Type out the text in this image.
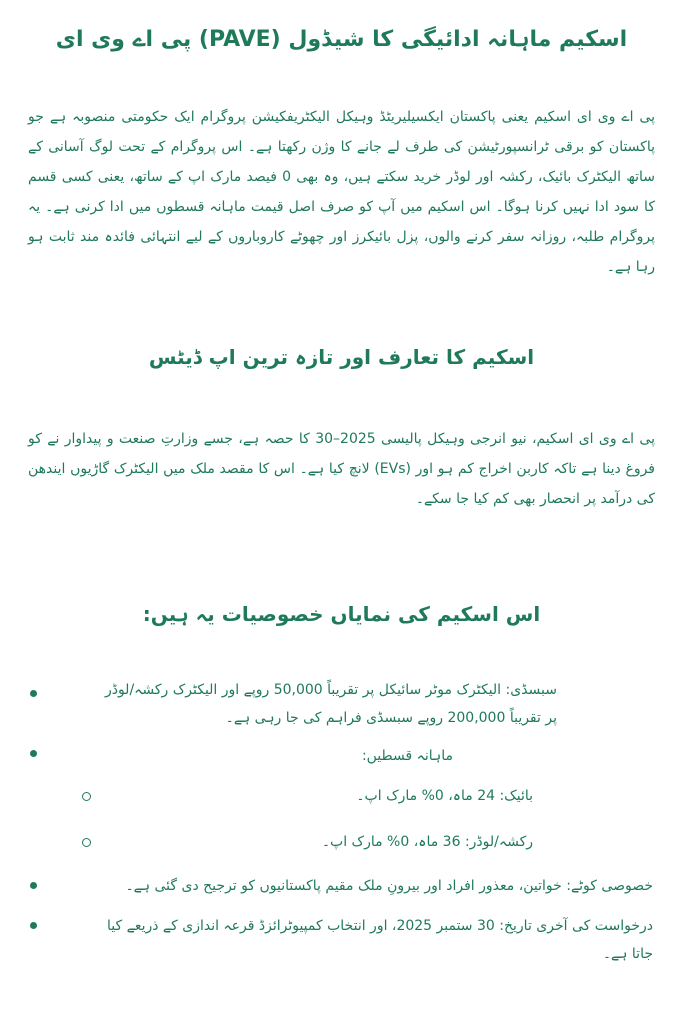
اسکیم ماہانہ ادائیگی کا شیڈول (PAVE) پی اے وی ای

پی اے وی ای اسکیم یعنی پاکستان ایکسیلیریٹڈ وہیکل الیکٹریفکیشن پروگرام ایک حکومتی منصوبہ ہے جو پاکستان کو برقی ٹرانسپورٹیشن کی طرف لے جانے کا وژن رکھتا ہے۔ اس پروگرام کے تحت لوگ آسانی کے ساتھ الیکٹرک بائیک، رکشہ اور لوڈر خرید سکتے ہیں، وہ بھی 0 فیصد مارک اپ کے ساتھ، یعنی کسی قسم کا سود ادا نہیں کرنا ہوگا۔ اس اسکیم میں آپ کو صرف اصل قیمت ماہانہ قسطوں میں ادا کرنی ہے۔ یہ پروگرام طلبہ، روزانہ سفر کرنے والوں، پزل بائیکرز اور چھوٹے کاروباروں کے لیے انتہائی فائدہ مند ثابت ہو رہا ہے۔

اسکیم کا تعارف اور تازہ ترین اپ ڈیٹس

پی اے وی ای اسکیم، نیو انرجی وہیکل پالیسی 2025–30 کا حصہ ہے، جسے وزارتِ صنعت و پیداوار نے کو فروغ دینا ہے تاکہ کاربن اخراج کم ہو اور (EVs) لانچ کیا ہے۔ اس کا مقصد ملک میں الیکٹرک گاڑیوں ایندھن کی درآمد پر انحصار بھی کم کیا جا سکے۔

اس اسکیم کی نمایاں خصوصیات یہ ہیں:
سبسڈی: الیکٹرک موٹر سائیکل پر تقریباً 50,000 روپے اور الیکٹرک رکشہ/لوڈر پر تقریباً 200,000 روپے سبسڈی فراہم کی جا رہی ہے۔
ماہانہ قسطیں:
بائیک: 24 ماہ، 0% مارک اپ۔
رکشہ/لوڈر: 36 ماہ، 0% مارک اپ۔
خصوصی کوٹے: خواتین، معذور افراد اور بیرونِ ملک مقیم پاکستانیوں کو ترجیح دی گئی ہے۔
درخواست کی آخری تاریخ: 30 ستمبر 2025، اور انتخاب کمپیوٹرائزڈ قرعہ اندازی کے ذریعے کیا جاتا ہے۔
